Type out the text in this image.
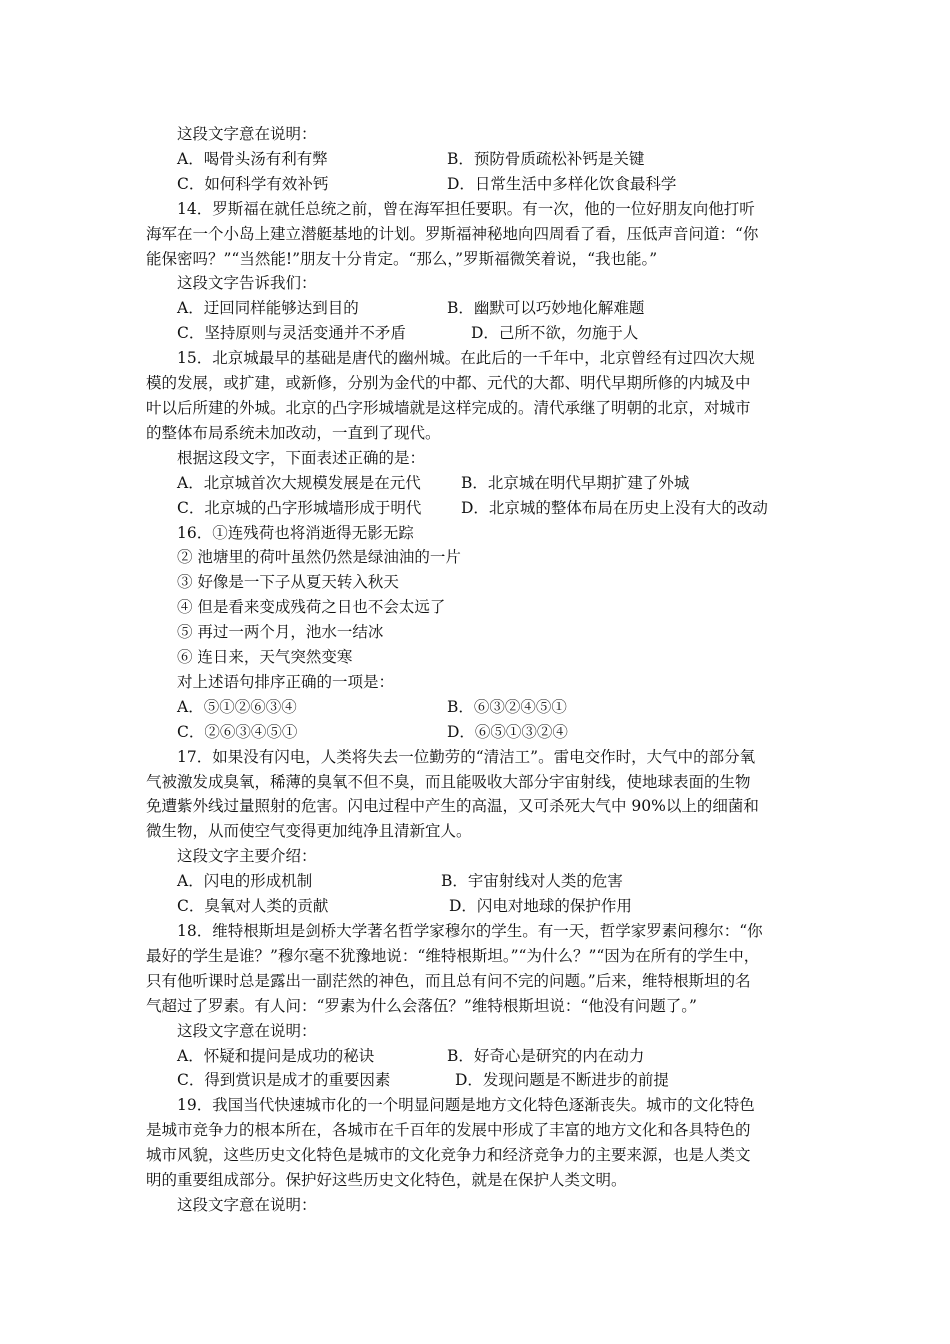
这段文字意在说明：
A．喝骨头汤有利有弊	B．预防骨质疏松补钙是关键
C．如何科学有效补钙	D．日常生活中多样化饮食最科学
14．罗斯福在就任总统之前，曾在海军担任要职。有一次，他的一位好朋友向他打听
海军在一个小岛上建立潜艇基地的计划。罗斯福神秘地向四周看了看，压低声音问道：“你
能保密吗？”“当然能!”朋友十分肯定。“那么，”罗斯福微笑着说，“我也能。”
这段文字告诉我们：
A．迂回同样能够达到目的	B．幽默可以巧妙地化解难题
C．坚持原则与灵活变通并不矛盾	D．己所不欲，勿施于人
15．北京城最早的基础是唐代的幽州城。在此后的一千年中，北京曾经有过四次大规
模的发展，或扩建，或新修，分别为金代的中都、元代的大都、明代早期所修的内城及中
叶以后所建的外城。北京的凸字形城墙就是这样完成的。清代承继了明朝的北京，对城市
的整体布局系统未加改动，一直到了现代。
根据这段文字，下面表述正确的是：
A．北京城首次大规模发展是在元代	B．北京城在明代早期扩建了外城
C．北京城的凸字形城墙形成于明代	D．北京城的整体布局在历史上没有大的改动
16．①连残荷也将消逝得无影无踪
② 池塘里的荷叶虽然仍然是绿油油的一片
③ 好像是一下子从夏天转入秋天
④ 但是看来变成残荷之日也不会太远了
⑤ 再过一两个月，池水一结冰
⑥ 连日来，天气突然变寒
对上述语句排序正确的一项是：
A．⑤①②⑥③④	B．⑥③②④⑤①
C．②⑥③④⑤①	D．⑥⑤①③②④
17．如果没有闪电，人类将失去一位勤劳的“清洁工”。雷电交作时，大气中的部分氧
气被激发成臭氧，稀薄的臭氧不但不臭，而且能吸收大部分宇宙射线，使地球表面的生物
免遭紫外线过量照射的危害。闪电过程中产生的高温，又可杀死大气中 90%以上的细菌和
微生物，从而使空气变得更加纯净且清新宜人。
这段文字主要介绍：
A．闪电的形成机制	B．宇宙射线对人类的危害
C．臭氧对人类的贡献	D．闪电对地球的保护作用
18．维特根斯坦是剑桥大学著名哲学家穆尔的学生。有一天，哲学家罗素问穆尔：“你
最好的学生是谁？”穆尔毫不犹豫地说：“维特根斯坦。”“为什么？”“因为在所有的学生中，
只有他听课时总是露出一副茫然的神色，而且总有问不完的问题。”后来，维特根斯坦的名
气超过了罗素。有人问：“罗素为什么会落伍？”维特根斯坦说：“他没有问题了。”
这段文字意在说明：
A．怀疑和提问是成功的秘诀	B．好奇心是研究的内在动力
C．得到赏识是成才的重要因素	D．发现问题是不断进步的前提
19．我国当代快速城市化的一个明显问题是地方文化特色逐渐丧失。城市的文化特色
是城市竞争力的根本所在，各城市在千百年的发展中形成了丰富的地方文化和各具特色的
城市风貌，这些历史文化特色是城市的文化竞争力和经济竞争力的主要来源，也是人类文
明的重要组成部分。保护好这些历史文化特色，就是在保护人类文明。
这段文字意在说明：
